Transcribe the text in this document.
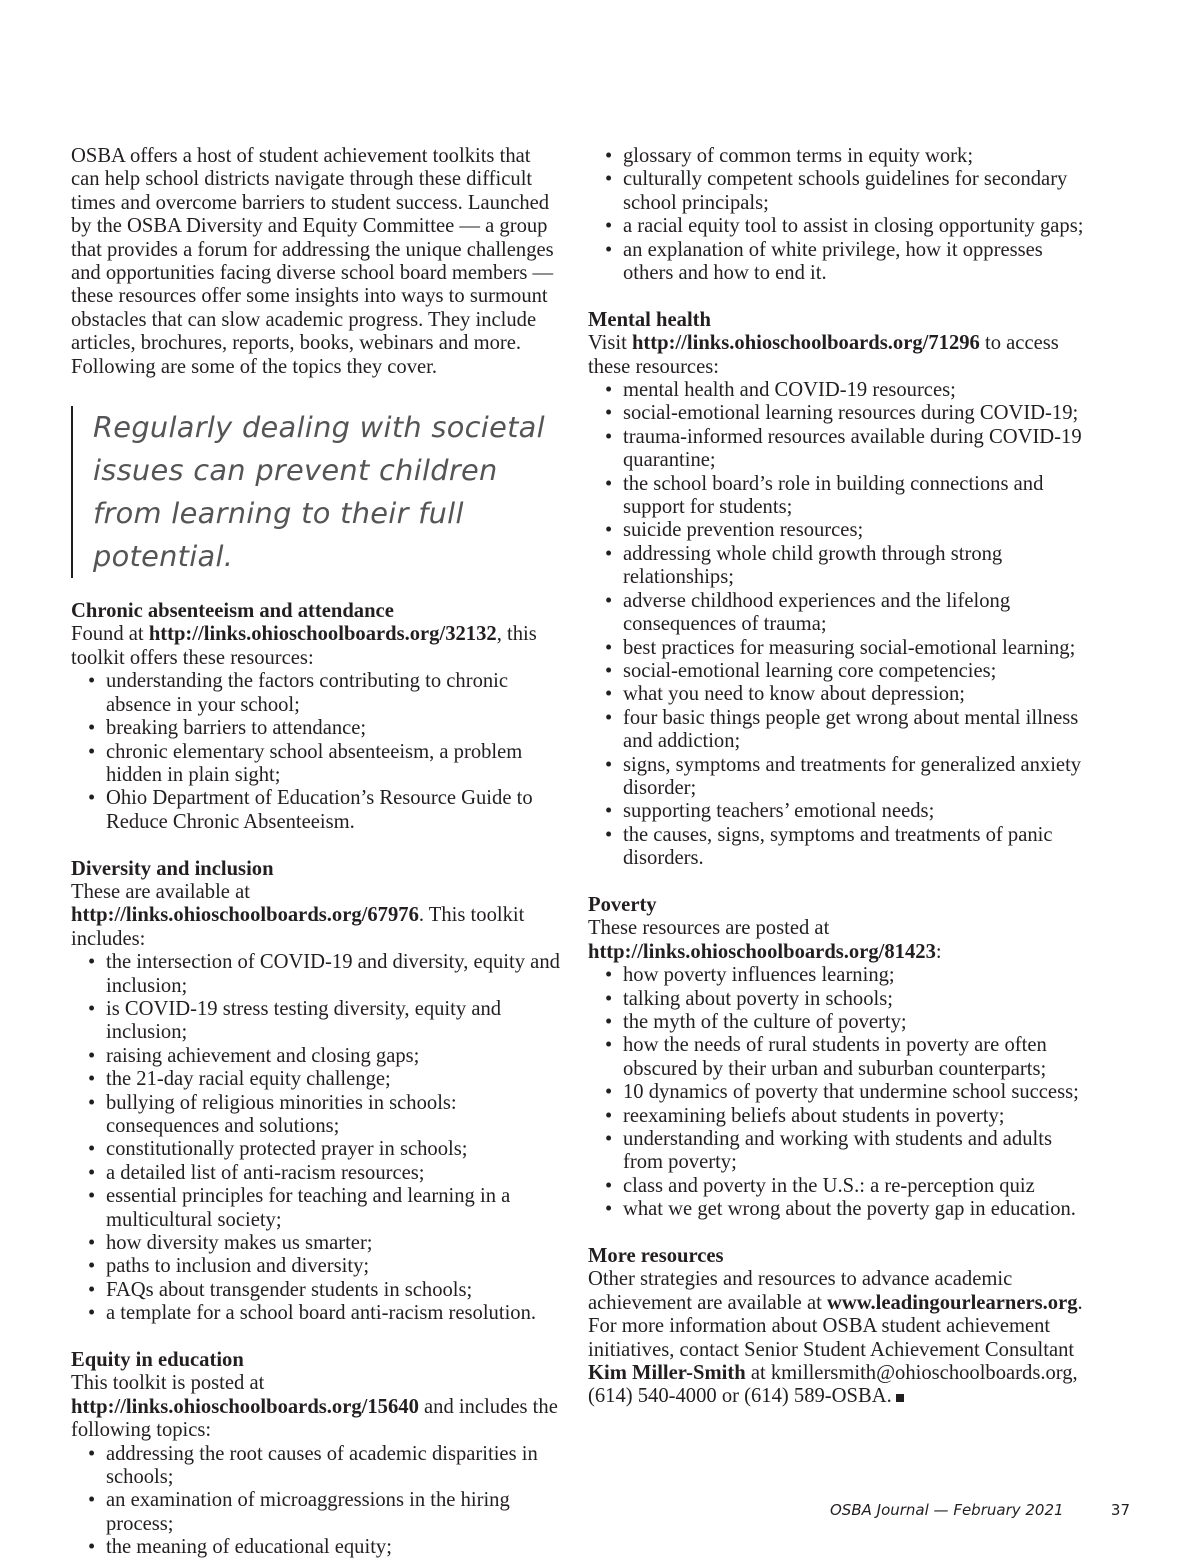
OSBA offers a host of student achievement toolkits that can help school districts navigate through these difficult times and overcome barriers to student success. Launched by the OSBA Diversity and Equity Committee — a group that provides a forum for addressing the unique challenges and opportunities facing diverse school board members — these resources offer some insights into ways to surmount obstacles that can slow academic progress. They include articles, brochures, reports, books, webinars and more. Following are some of the topics they cover.

Regularly dealing with societal issues can prevent children from learning to their full potential.
Chronic absenteeism and attendance

Found at http://links.ohioschoolboards.org/32132, this toolkit offers these resources:

• understanding the factors contributing to chronic absence in your school;
• breaking barriers to attendance;
• chronic elementary school absenteeism, a problem hidden in plain sight;
• Ohio Department of Education’s Resource Guide to Reduce Chronic Absenteeism.
Diversity and inclusion

These are available at http://links.ohioschoolboards.org/67976. This toolkit includes:

• the intersection of COVID-19 and diversity, equity and inclusion;
• is COVID-19 stress testing diversity, equity and inclusion;
• raising achievement and closing gaps;
• the 21-day racial equity challenge;
• bullying of religious minorities in schools: consequences and solutions;
• constitutionally protected prayer in schools;
• a detailed list of anti-racism resources;
• essential principles for teaching and learning in a multicultural society;
• how diversity makes us smarter;
• paths to inclusion and diversity;
• FAQs about transgender students in schools;
• a template for a school board anti-racism resolution.
Equity in education

This toolkit is posted at http://links.ohioschoolboards.org/15640 and includes the following topics:

• addressing the root causes of academic disparities in schools;
• an examination of microaggressions in the hiring process;
• the meaning of educational equity;
• glossary of common terms in equity work;
• culturally competent schools guidelines for secondary school principals;
• a racial equity tool to assist in closing opportunity gaps;
• an explanation of white privilege, how it oppresses others and how to end it.
Mental health

Visit http://links.ohioschoolboards.org/71296 to access these resources:

• mental health and COVID-19 resources;
• social-emotional learning resources during COVID-19;
• trauma-informed resources available during COVID-19 quarantine;
• the school board’s role in building connections and support for students;
• suicide prevention resources;
• addressing whole child growth through strong relationships;
• adverse childhood experiences and the lifelong consequences of trauma;
• best practices for measuring social-emotional learning;
• social-emotional learning core competencies;
• what you need to know about depression;
• four basic things people get wrong about mental illness and addiction;
• signs, symptoms and treatments for generalized anxiety disorder;
• supporting teachers’ emotional needs;
• the causes, signs, symptoms and treatments of panic disorders.
Poverty

These resources are posted at http://links.ohioschoolboards.org/81423:

• how poverty influences learning;
• talking about poverty in schools;
• the myth of the culture of poverty;
• how the needs of rural students in poverty are often obscured by their urban and suburban counterparts;
• 10 dynamics of poverty that undermine school success;
• reexamining beliefs about students in poverty;
• understanding and working with students and adults from poverty;
• class and poverty in the U.S.: a re-perception quiz
• what we get wrong about the poverty gap in education.
More resources

Other strategies and resources to advance academic achievement are available at www.leadingourlearners.org. For more information about OSBA student achievement initiatives, contact Senior Student Achievement Consultant Kim Miller-Smith at kmillersmith@ohioschoolboards.org, (614) 540-4000 or (614) 589-OSBA.

OSBA Journal — February 2021	37
